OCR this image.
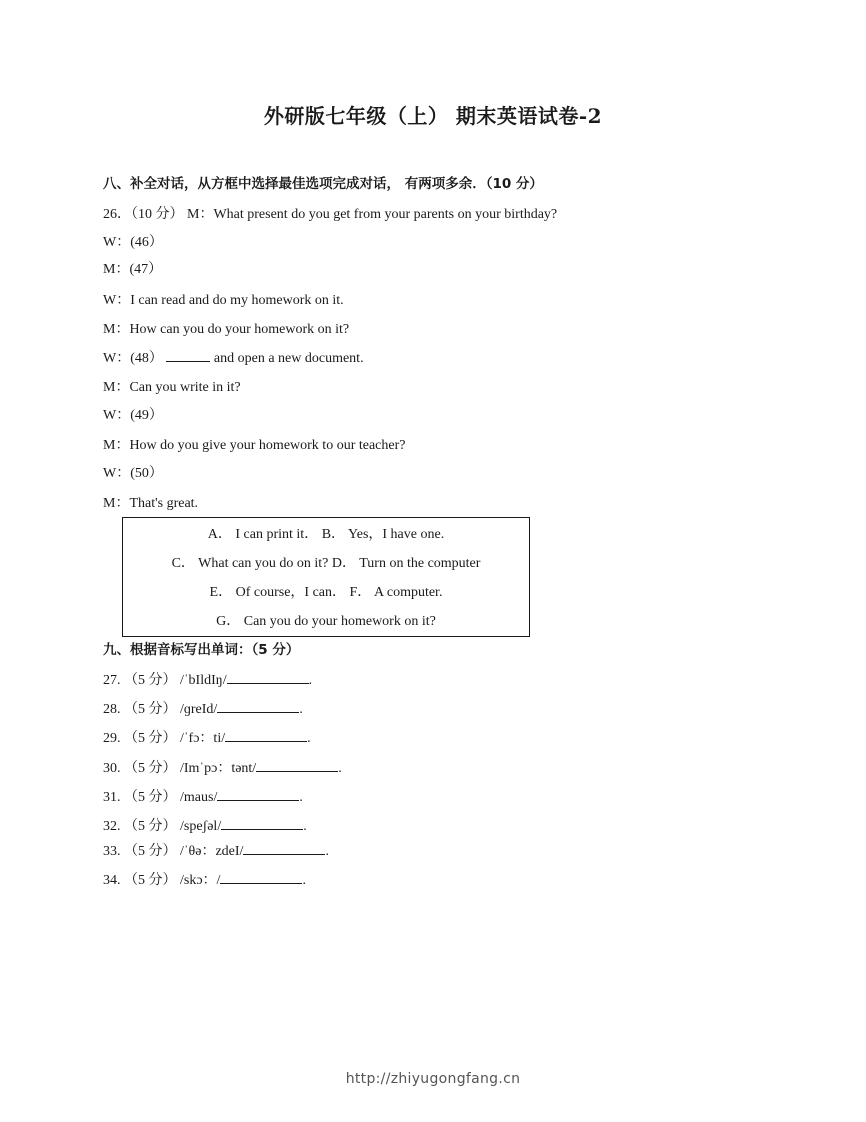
外研版七年级（上） 期末英语试卷-2
八、补全对话，从方框中选择最佳选项完成对话， 有两项多余．（10 分）
26．（10 分） M：What present do you get from your parents on your birthday?
W：(46）
M：(47）
W：I can read and do my homework on it.
M：How can you do your homework on it?
W：(48）	and open a new document.
M：Can you write in it?
W：(49）
M：How do you give your homework to our teacher?
W：(50）
M：That's great.
A． I can print it． B． Yes，I have one.
C． What can you do on it? D． Turn on the computer
E． Of course，I can． F． A computer.
G． Can you do your homework on it?
九、根据音标写出单词：（5 分）
27. （5 分） /ˈbIldIŋ/	.
28. （5 分） /ɡreId/	.
29. （5 分） /ˈfɔ：ti/	.
30. （5 分） /Imˈpɔ：tənt/	.
31. （5 分） /maus/	.
32. （5 分） /speʃəl/	.
33. （5 分） /ˈθə：zdeI/	.
34. （5 分） /skɔ：/	.
http://zhiyugongfang.cn
